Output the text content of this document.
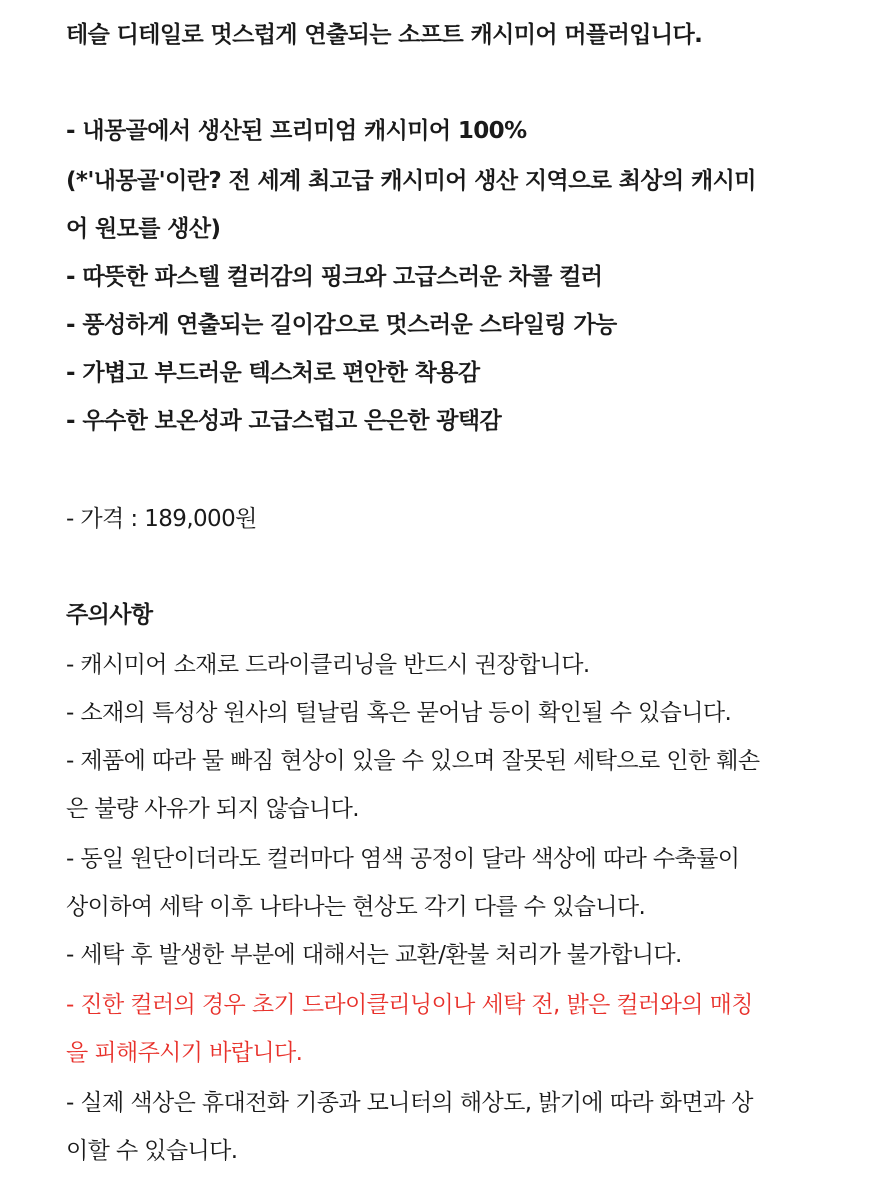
테슬 디테일로 멋스럽게 연출되는 소프트 캐시미어 머플러입니다.
- 내몽골에서 생산된 프리미엄 캐시미어 100%
(*'내몽골'이란? 전 세계 최고급 캐시미어 생산 지역으로 최상의 캐시미
어 원모를 생산)
- 따뜻한 파스텔 컬러감의 핑크와 고급스러운 차콜 컬러
- 풍성하게 연출되는 길이감으로 멋스러운 스타일링 가능
- 가볍고 부드러운 텍스처로 편안한 착용감
- 우수한 보온성과 고급스럽고 은은한 광택감
- 가격 : 189,000원
주의사항
- 캐시미어 소재로 드라이클리닝을 반드시 권장합니다.
- 소재의 특성상 원사의 털날림 혹은 묻어남 등이 확인될 수 있습니다.
- 제품에 따라 물 빠짐 현상이 있을 수 있으며 잘못된 세탁으로 인한 훼손
은 불량 사유가 되지 않습니다.
- 동일 원단이더라도 컬러마다 염색 공정이 달라 색상에 따라 수축률이
상이하여 세탁 이후 나타나는 현상도 각기 다를 수 있습니다.
- 세탁 후 발생한 부분에 대해서는 교환/환불 처리가 불가합니다.
- 진한 컬러의 경우 초기 드라이클리닝이나 세탁 전, 밝은 컬러와의 매칭
을 피해주시기 바랍니다.
- 실제 색상은 휴대전화 기종과 모니터의 해상도, 밝기에 따라 화면과 상
이할 수 있습니다.
